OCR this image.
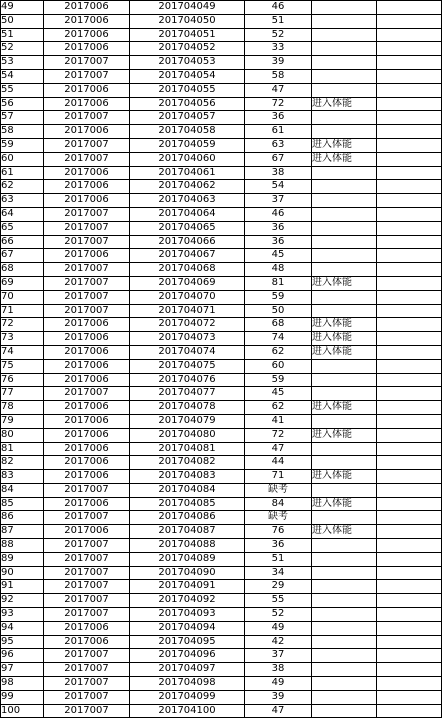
49	2017006	201704049	46		
50	2017006	201704050	51		
51	2017006	201704051	52		
52	2017006	201704052	33		
53	2017007	201704053	39		
54	2017007	201704054	58		
55	2017006	201704055	47		
56	2017006	201704056	72	进入体能	
57	2017007	201704057	36		
58	2017006	201704058	61		
59	2017007	201704059	63	进入体能	
60	2017007	201704060	67	进入体能	
61	2017006	201704061	38		
62	2017006	201704062	54		
63	2017006	201704063	37		
64	2017007	201704064	46		
65	2017007	201704065	36		
66	2017007	201704066	36		
67	2017006	201704067	45		
68	2017007	201704068	48		
69	2017007	201704069	81	进入体能	
70	2017007	201704070	59		
71	2017007	201704071	50		
72	2017006	201704072	68	进入体能	
73	2017006	201704073	74	进入体能	
74	2017006	201704074	62	进入体能	
75	2017006	201704075	60		
76	2017006	201704076	59		
77	2017007	201704077	45		
78	2017006	201704078	62	进入体能	
79	2017006	201704079	41		
80	2017006	201704080	72	进入体能	
81	2017006	201704081	47		
82	2017006	201704082	44		
83	2017006	201704083	71	进入体能	
84	2017007	201704084	缺考		
85	2017006	201704085	84	进入体能	
86	2017007	201704086	缺考		
87	2017006	201704087	76	进入体能	
88	2017007	201704088	36		
89	2017007	201704089	51		
90	2017007	201704090	34		
91	2017007	201704091	29		
92	2017007	201704092	55		
93	2017007	201704093	52		
94	2017006	201704094	49		
95	2017006	201704095	42		
96	2017007	201704096	37		
97	2017007	201704097	38		
98	2017007	201704098	49		
99	2017007	201704099	39		
100	2017007	201704100	47		
